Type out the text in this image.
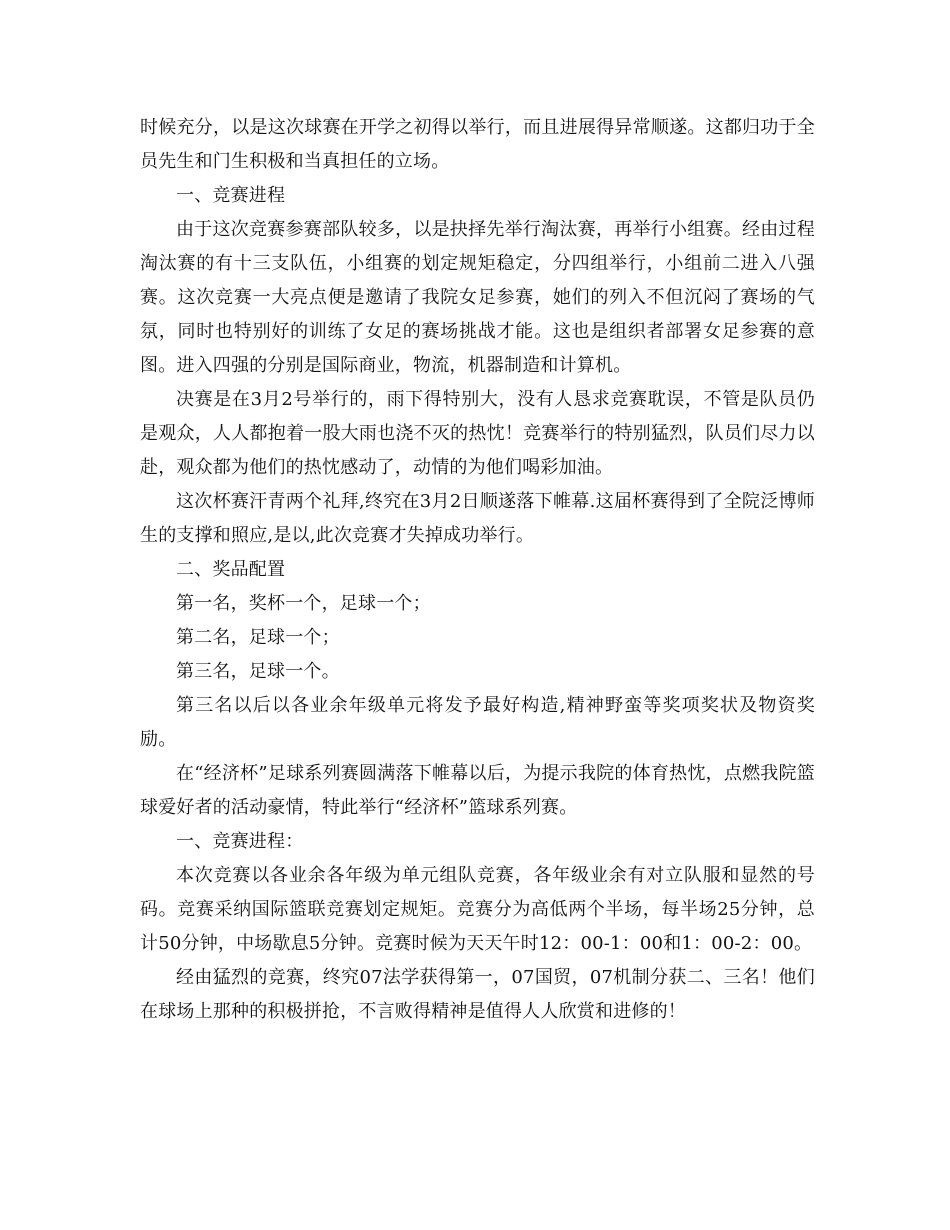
时候充分，以是这次球赛在开学之初得以举行，而且进展得异常顺遂。这都归功于全员先生和门生积极和当真担任的立场。

一、竞赛进程

由于这次竞赛参赛部队较多，以是抉择先举行淘汰赛，再举行小组赛。经由过程淘汰赛的有十三支队伍，小组赛的划定规矩稳定，分四组举行，小组前二进入八强赛。这次竞赛一大亮点便是邀请了我院女足参赛，她们的列入不但沉闷了赛场的气氛，同时也特别好的训练了女足的赛场挑战才能。这也是组织者部署女足参赛的意图。进入四强的分别是国际商业，物流，机器制造和计算机。

决赛是在3月2号举行的，雨下得特别大，没有人恳求竞赛耽误，不管是队员仍是观众，人人都抱着一股大雨也浇不灭的热忱！竞赛举行的特别猛烈，队员们尽力以赴，观众都为他们的热忱感动了，动情的为他们喝彩加油。

这次杯赛汗青两个礼拜,终究在3月2日顺遂落下帷幕.这届杯赛得到了全院泛博师生的支撑和照应,是以,此次竞赛才失掉成功举行。

二、奖品配置

第一名，奖杯一个，足球一个；

第二名，足球一个；

第三名，足球一个。

第三名以后以各业余年级单元将发予最好构造,精神野蛮等奖项奖状及物资奖励。

在“经济杯”足球系列赛圆满落下帷幕以后，为提示我院的体育热忱，点燃我院篮球爱好者的活动豪情，特此举行“经济杯”篮球系列赛。

一、竞赛进程：

本次竞赛以各业余各年级为单元组队竞赛，各年级业余有对立队服和显然的号码。竞赛采纳国际篮联竞赛划定规矩。竞赛分为高低两个半场，每半场25分钟，总计50分钟，中场歇息5分钟。竞赛时候为天天午时12：00-1：00和1：00-2：00。

经由猛烈的竞赛，终究07法学获得第一，07国贸，07机制分获二、三名！他们在球场上那种的积极拼抢，不言败得精神是值得人人欣赏和进修的！
